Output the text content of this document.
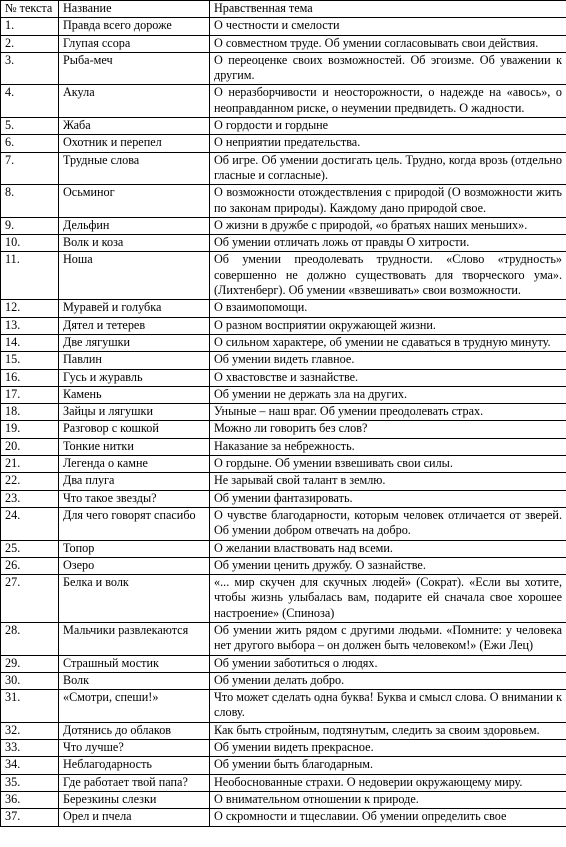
№ текста	Название	Нравственная тема
1.	Правда всего дороже	О честности и смелости
2.	Глупая ссора	О совместном труде. Об умении согласовывать свои действия.
3.	Рыба-меч	О переоценке своих возможностей. Об эгоизме. Об уважении к другим.
4.	Акула	О неразборчивости и неосторожности, о надежде на «авось», о неоправданном риске, о неумении предвидеть. О жадности.
5.	Жаба	О гордости и гордыне
6.	Охотник и перепел	О неприятии предательства.
7.	Трудные слова	Об игре. Об умении достигать цель. Трудно, когда врозь (отдельно гласные и согласные).
8.	Осьминог	О возможности отождествления с природой (О возможности жить по законам природы). Каждому дано природой свое.
9.	Дельфин	О жизни в дружбе с природой, «о братьях наших меньших».
10.	Волк и коза	Об умении отличать ложь от правды О хитрости.
11.	Ноша	Об умении преодолевать трудности. «Слово «трудность» совершенно не должно существовать для творческого ума». (Лихтенберг). Об умении «взвешивать» свои возможности.
12.	Муравей и голубка	О взаимопомощи.
13.	Дятел и тетерев	О разном восприятии окружающей жизни.
14.	Две лягушки	О сильном характере, об умении не сдаваться в трудную минуту.
15.	Павлин	Об умении видеть главное.
16.	Гусь и журавль	О хвастовстве и зазнайстве.
17.	Камень	Об умении не держать зла на других.
18.	Зайцы и лягушки	Уныные – наш враг. Об умении преодолевать страх.
19.	Разговор с кошкой	Можно ли говорить без слов?
20.	Тонкие нитки	Наказание за небрежность.
21.	Легенда о камне	О гордыне. Об умении взвешивать свои силы.
22.	Два плуга	Не зарывай свой талант в землю.
23.	Что такое звезды?	Об умении фантазировать.
24.	Для чего говорят спасибо	О чувстве благодарности, которым человек отличается от зверей. Об умении добром отвечать на добро.
25.	Топор	О желании властвовать над всеми.
26.	Озеро	Об умении ценить дружбу. О зазнайстве.
27.	Белка и волк	«... мир скучен для скучных людей» (Сократ). «Если вы хотите, чтобы жизнь улыбалась вам, подарите ей сначала свое хорошее настроение» (Спиноза)
28.	Мальчики развлекаются	Об умении жить рядом с другими людьми. «Помните: у человека нет другого выбора – он должен быть человеком!» (Ежи Лец)
29.	Страшный мостик	Об умении заботиться о людях.
30.	Волк	Об умении делать добро.
31.	«Смотри, спеши!»	Что может сделать одна буква! Буква и смысл слова. О внимании к слову.
32.	Дотянись до облаков	Как быть стройным, подтянутым, следить за своим здоровьем.
33.	Что лучше?	Об умении видеть прекрасное.
34.	Неблагодарность	Об умении быть благодарным.
35.	Где работает твой папа?	Необоснованные страхи. О недоверии окружающему миру.
36.	Березкины слезки	О внимательном отношении к природе.
37.	Орел и пчела	О скромности и тщеславии. Об умении определить свое
